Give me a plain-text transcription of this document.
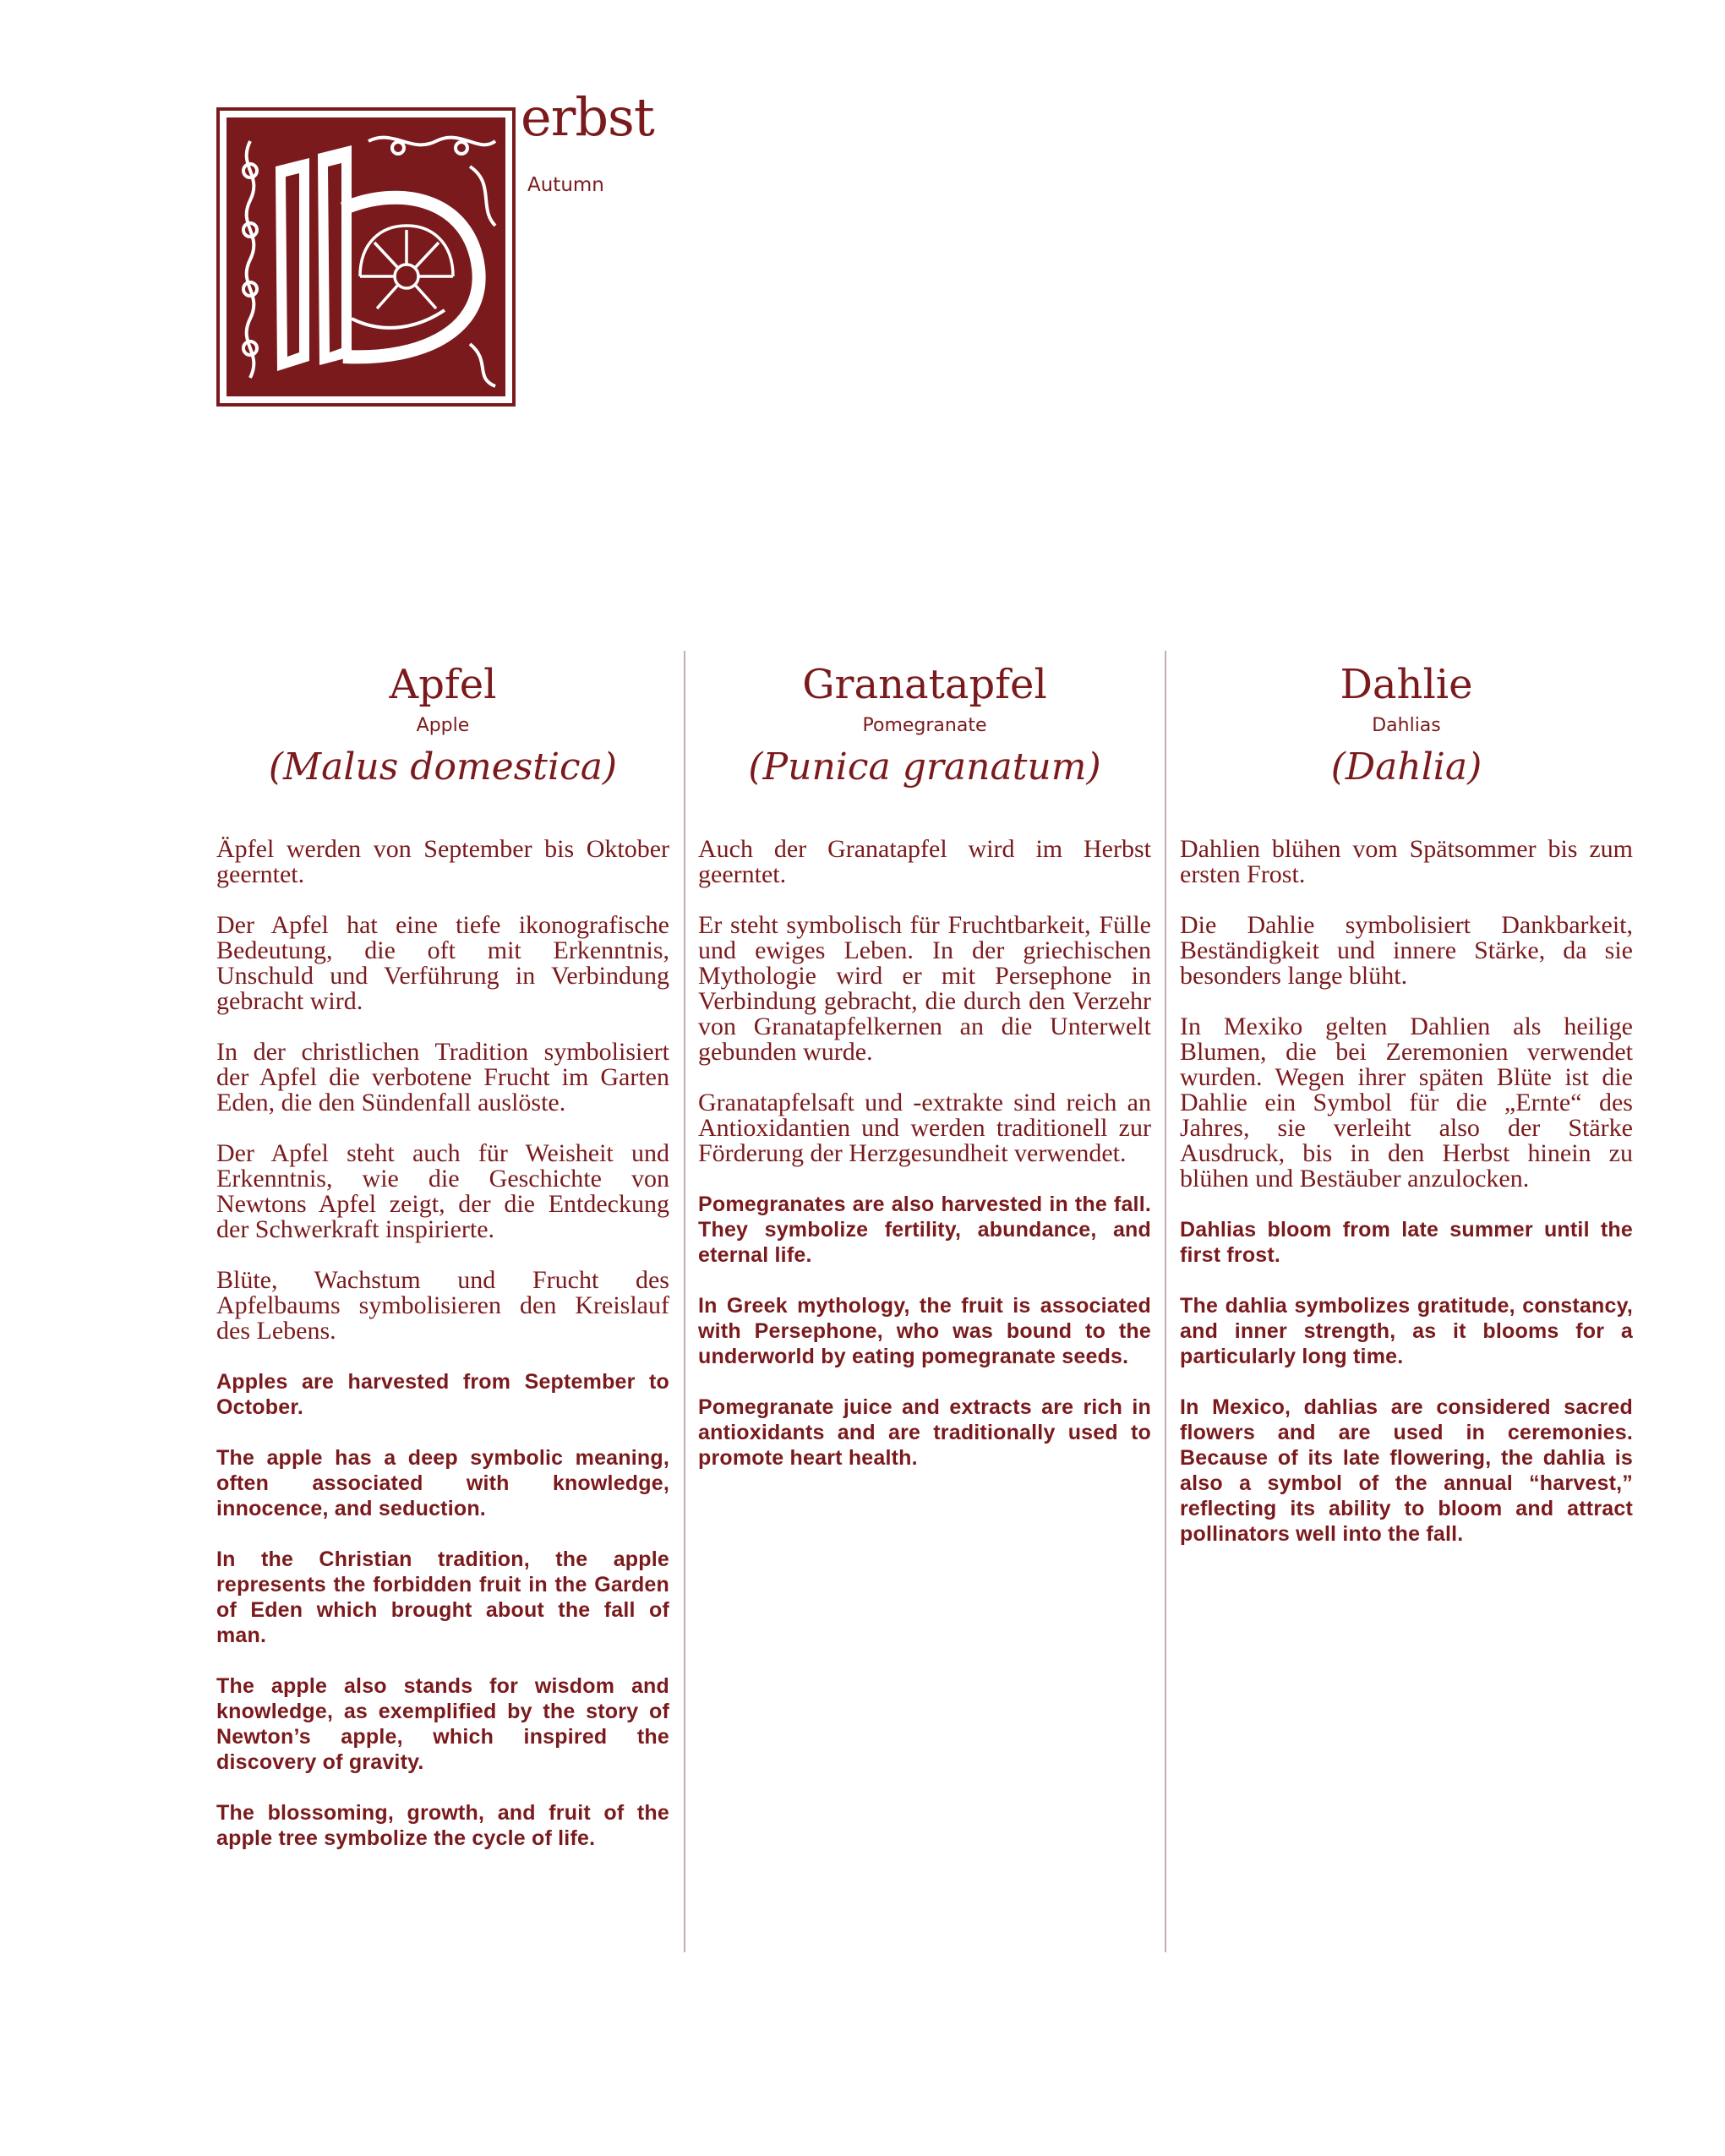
erbst
Autumn
Apfel
Apple
(Malus domestica)

Äpfel werden von September bis Oktober geerntet.

Der Apfel hat eine tiefe ikonografische Bedeutung, die oft mit Erkenntnis, Unschuld und Verführung in Verbindung gebracht wird.

In der christlichen Tradition symbolisiert der Apfel die verbotene Frucht im Garten Eden, die den Sündenfall auslöste.

Der Apfel steht auch für Weisheit und Erkenntnis, wie die Geschichte von Newtons Apfel zeigt, der die Entdeckung der Schwerkraft inspirierte.

Blüte, Wachstum und Frucht des Apfelbaums symbolisieren den Kreislauf des Lebens.

Apples are harvested from September to October.

The apple has a deep symbolic meaning, often associated with knowledge, innocence, and seduction.

In the Christian tradition, the apple represents the forbidden fruit in the Garden of Eden which brought about the fall of man.

The apple also stands for wisdom and knowledge, as exemplified by the story of Newton’s apple, which inspired the discovery of gravity.

The blossoming, growth, and fruit of the apple tree symbolize the cycle of life.

Granatapfel
Pomegranate
(Punica granatum)

Auch der Granatapfel wird im Herbst geerntet.

Er steht symbolisch für Fruchtbarkeit, Fülle und ewiges Leben. In der griechischen Mythologie wird er mit Persephone in Verbindung gebracht, die durch den Verzehr von Granatapfelkernen an die Unterwelt gebunden wurde.

Granatapfelsaft und -extrakte sind reich an Antioxidantien und werden traditionell zur Förderung der Herzgesundheit verwendet.

Pomegranates are also harvested in the fall. They symbolize fertility, abundance, and eternal life.

In Greek mythology, the fruit is associated with Persephone, who was bound to the underworld by eating pomegranate seeds.

Pomegranate juice and extracts are rich in antioxidants and are traditionally used to promote heart health.

Dahlie
Dahlias
(Dahlia)

Dahlien blühen vom Spätsommer bis zum ersten Frost.

Die Dahlie symbolisiert Dankbarkeit, Beständigkeit und innere Stärke, da sie besonders lange blüht.

In Mexiko gelten Dahlien als heilige Blumen, die bei Zeremonien verwendet wurden. Wegen ihrer späten Blüte ist die Dahlie ein Symbol für die „Ernte“ des Jahres, sie verleiht also der Stärke Ausdruck, bis in den Herbst hinein zu blühen und Bestäuber anzulocken.

Dahlias bloom from late summer until the first frost.

The dahlia symbolizes gratitude, constancy, and inner strength, as it blooms for a particularly long time.

In Mexico, dahlias are considered sacred flowers and are used in ceremonies. Because of its late flowering, the dahlia is also a symbol of the annual “harvest,” reflecting its ability to bloom and attract pollinators well into the fall.
